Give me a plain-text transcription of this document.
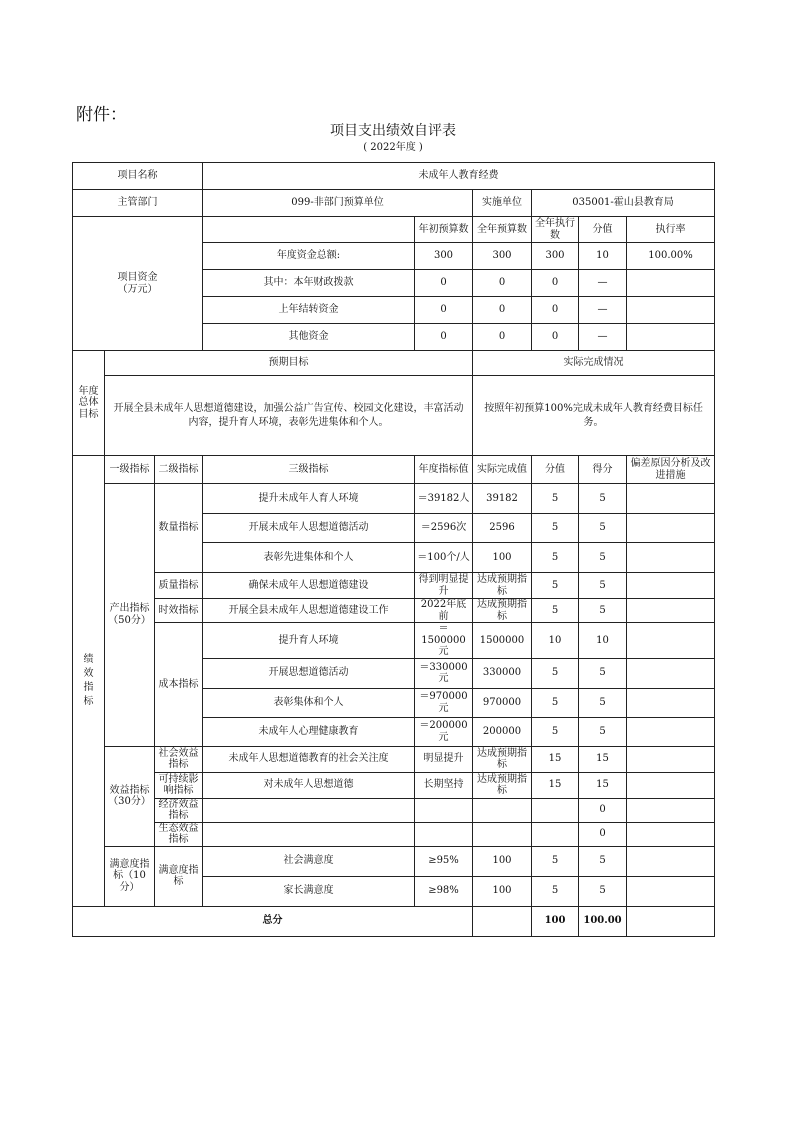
附件：
项目支出绩效自评表
( 2022年度 )
项目名称			未成年人教育经费						
主管部门			099-非部门预算单位		实施单位	035001-霍山县教育局			

项目资金
（万元）				年初预算数	全年预算数	全年执行数	分值	执行率	
			年度资金总额:	300	300	300	10	100.00%	
			其中：本年财政拨款	0	0	0	—		
			上年结转资金	0	0	0	—		
			其他资金	0	0	0	—		
年度总体目标	预期目标				实际完成情况				
	开展全县未成年人思想道德建设，加强公益广告宣传、校园文化建设，丰富活动内容，提升育人环境，表彰先进集体和个人。				按照年初预算100%完成未成年人教育经费目标任务。				
绩效指标	一级指标	二级指标	三级指标	年度指标值	实际完成值	分值	得分	偏差原因分析及改进措施	
	产出指标（50分）	数量指标	提升未成年人育人环境	＝39182人	39182	5	5		
			开展未成年人思想道德活动	＝2596次	2596	5	5		
			表彰先进集体和个人	＝100个/人	100	5	5		
		质量指标	确保未成年人思想道德建设	得到明显提升	达成预期指标	5	5		
		时效指标	开展全县未成年人思想道德建设工作	2022年底前	达成预期指标	5	5		
		成本指标	提升育人环境	＝1500000元	1500000	10	10		
			开展思想道德活动	＝330000元	330000	5	5		
			表彰集体和个人	＝970000元	970000	5	5		
			未成年人心理健康教育	＝200000元	200000	5	5		
	效益指标（30分）	社会效益指标	未成年人思想道德教育的社会关注度	明显提升	达成预期指标	15	15		
		可持续影响指标	对未成年人思想道德	长期坚持	达成预期指标	15	15		
		经济效益指标					0		
		生态效益指标					0		
	满意度指标（10分）	满意度指标	社会满意度	≥95%	100	5	5		
			家长满意度	≥98%	100	5	5		
总分						100	100.00		
